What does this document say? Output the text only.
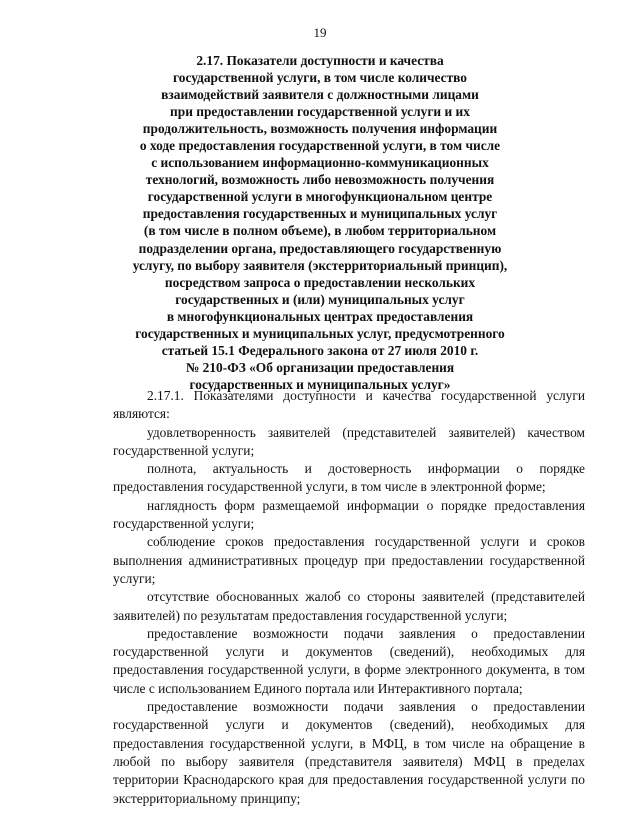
19
2.17. Показатели доступности и качества
государственной услуги, в том числе количество
взаимодействий заявителя с должностными лицами
при предоставлении государственной услуги и их
продолжительность, возможность получения информации
о ходе предоставления государственной услуги, в том числе
с использованием информационно-коммуникационных
технологий, возможность либо невозможность получения
государственной услуги в многофункциональном центре
предоставления государственных и муниципальных услуг
(в том числе в полном объеме), в любом территориальном
подразделении органа, предоставляющего государственную
услугу, по выбору заявителя (экстерриториальный принцип),
посредством запроса о предоставлении нескольких
государственных и (или) муниципальных услуг
в многофункциональных центрах предоставления
государственных и муниципальных услуг, предусмотренного
статьей 15.1 Федерального закона от 27 июля 2010 г.
№ 210-ФЗ «Об организации предоставления
государственных и муниципальных услуг»

2.17.1. Показателями доступности и качества государственной услуги являются:

удовлетворенность заявителей (представителей заявителей) качеством государственной услуги;

полнота, актуальность и достоверность информации о порядке предоставления государственной услуги, в том числе в электронной форме;

наглядность форм размещаемой информации о порядке предоставления государственной услуги;

соблюдение сроков предоставления государственной услуги и сроков выполнения административных процедур при предоставлении государственной услуги;

отсутствие обоснованных жалоб со стороны заявителей (представителей заявителей) по результатам предоставления государственной услуги;

предоставление возможности подачи заявления о предоставлении государственной услуги и документов (сведений), необходимых для предоставления государственной услуги, в форме электронного документа, в том числе с использованием Единого портала или Интерактивного портала;

предоставление возможности подачи заявления о предоставлении государственной услуги и документов (сведений), необходимых для предоставления государственной услуги, в МФЦ, в том числе на обращение в любой по выбору заявителя (представителя заявителя) МФЦ в пределах территории Краснодарского края для предоставления государственной услуги по экстерриториальному принципу;
